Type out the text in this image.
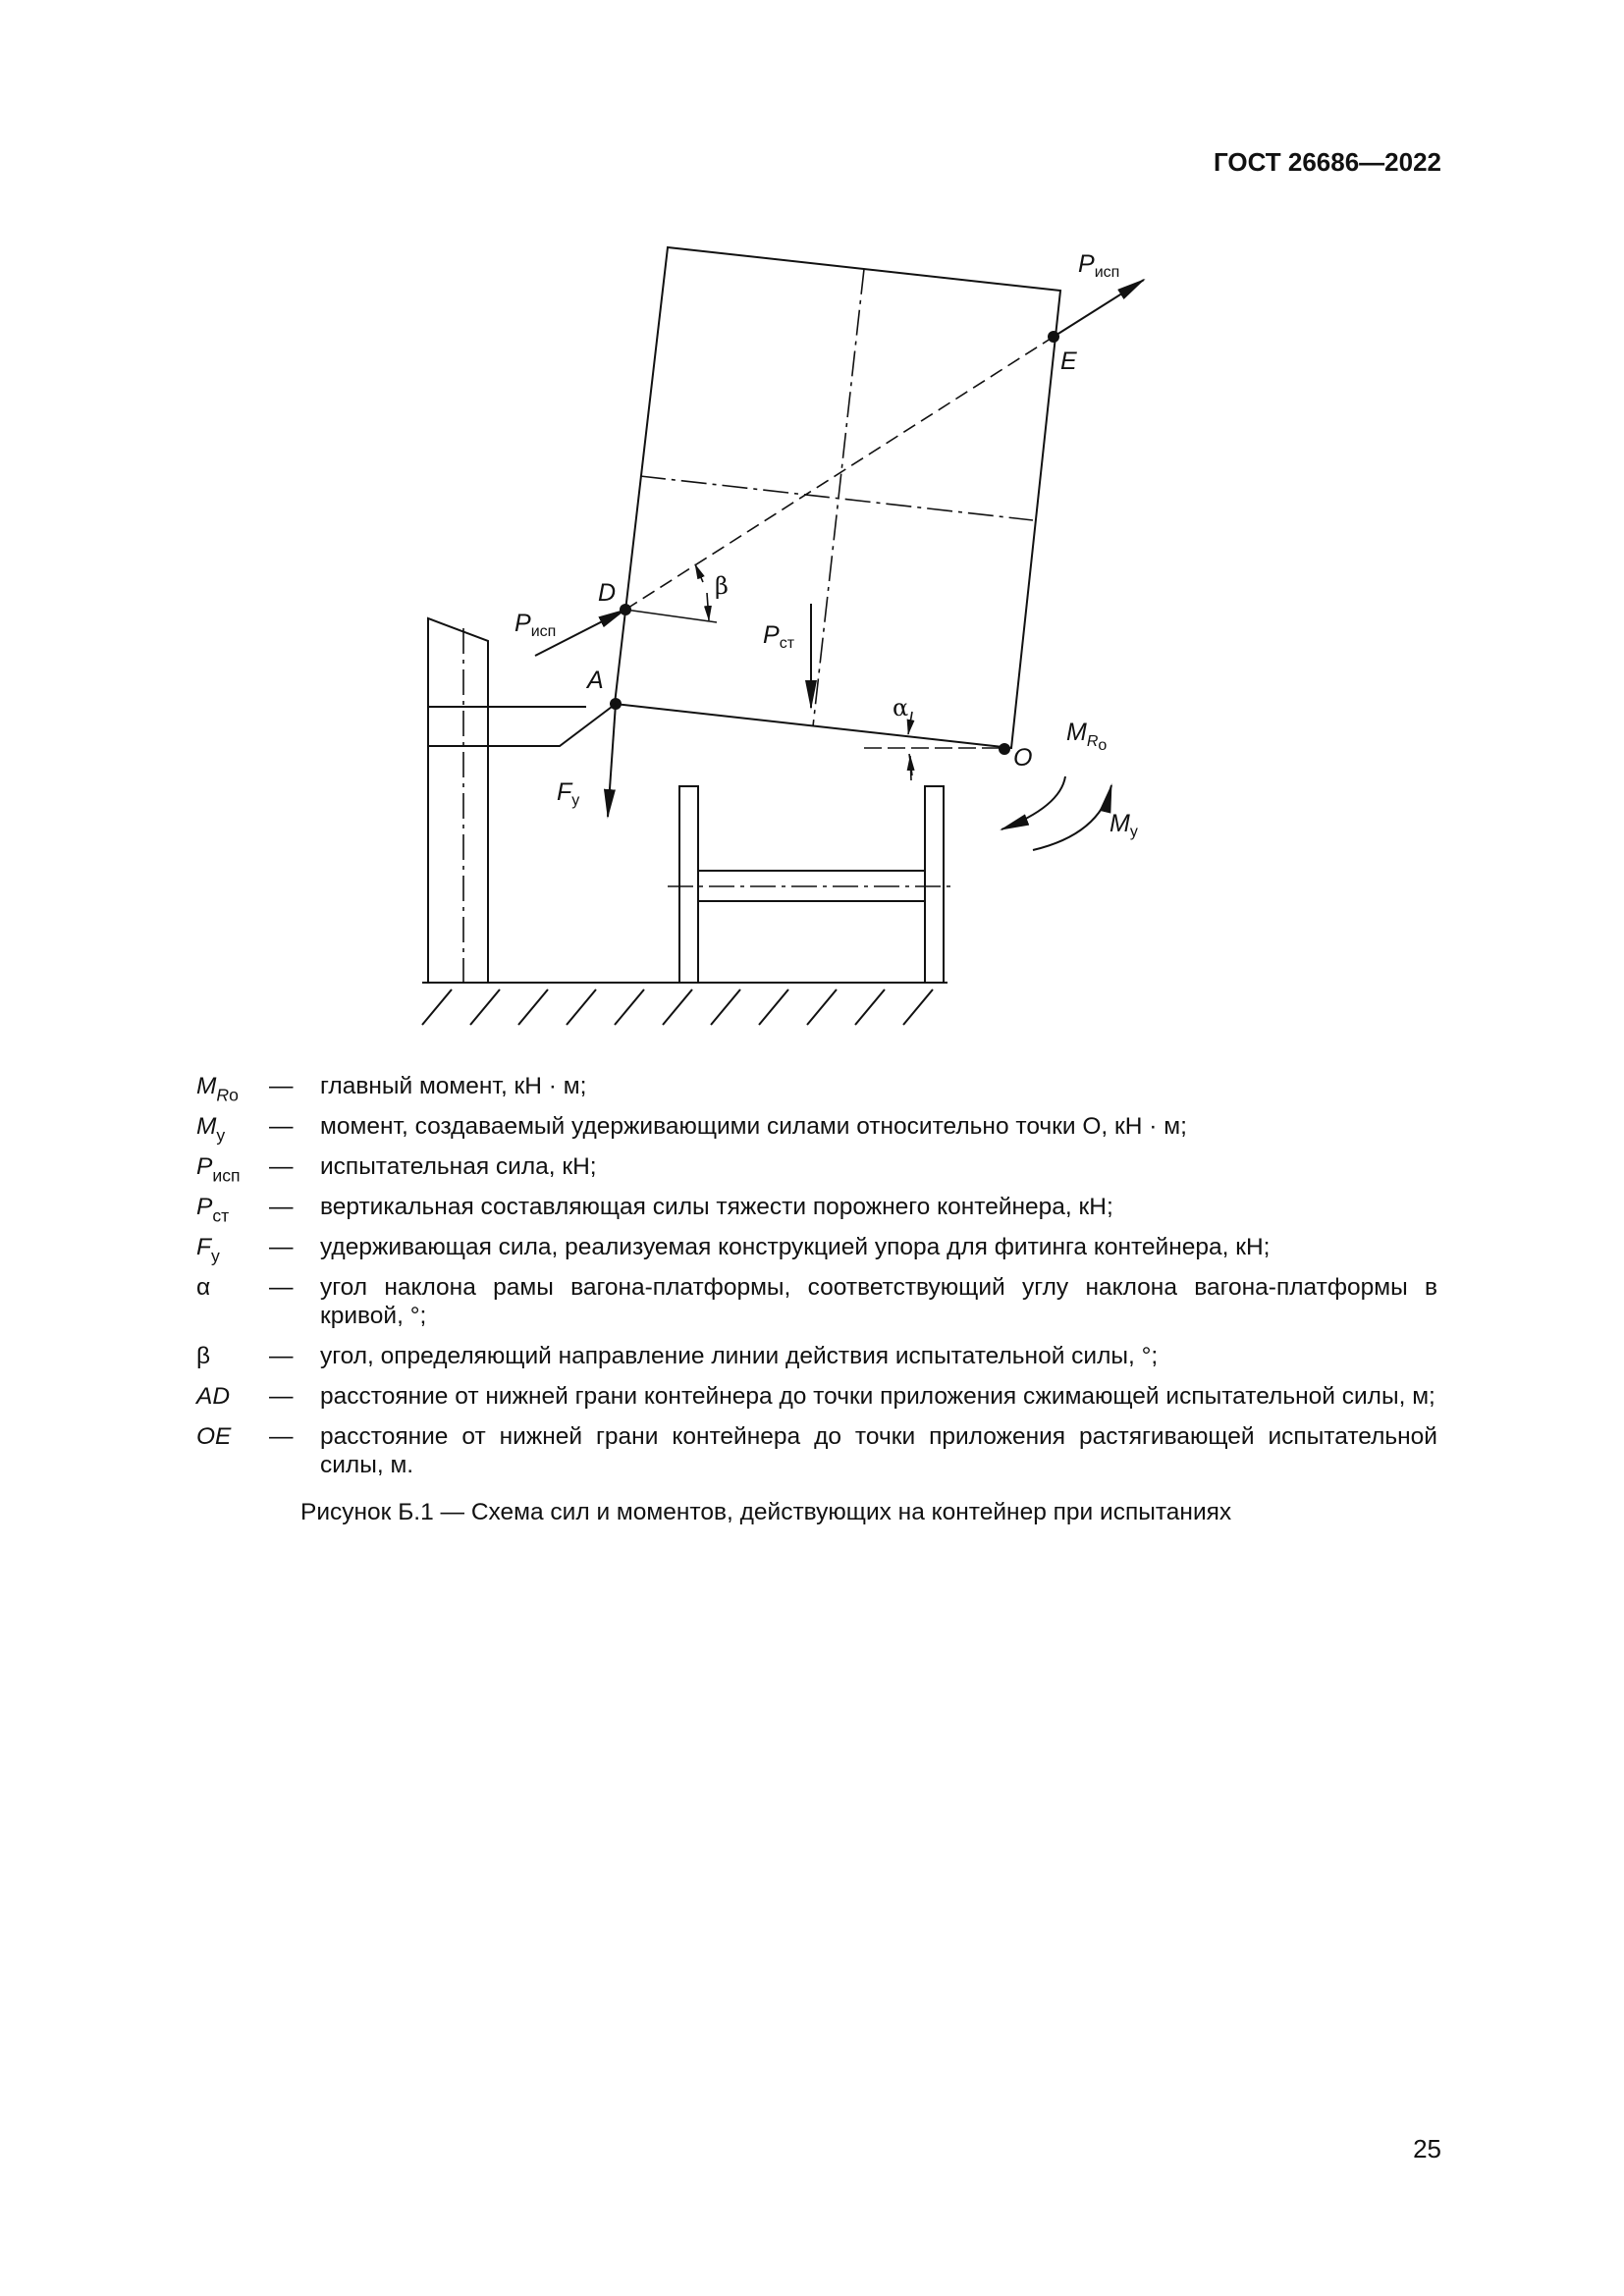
ГОСТ 26686—2022
Pисп
E
D	β
Pисп	Pст
A
α
O
MRо
Fу
Mу
$M_{Rо}$ — главный момент, кН · м;
$M_у$ — момент, создаваемый удерживающими силами относительно точки О, кН · м;
$P_{исп}$ — испытательная сила, кН;
$P_{ст}$ — вертикальная составляющая силы тяжести порожнего контейнера, кН;
$F_у$ — удерживающая сила, реализуемая конструкцией упора для фитинга контейнера, кН;
α — угол наклона рамы вагона-платформы, соответствующий углу наклона вагона-платформы в кривой, °;
β — угол, определяющий направление линии действия испытательной силы, °;
AD — расстояние от нижней грани контейнера до точки приложения сжимающей испытательной силы, м;
OE — расстояние от нижней грани контейнера до точки приложения растягивающей испытательной силы, м.
Рисунок Б.1 — Схема сил и моментов, действующих на контейнер при испытаниях
25
